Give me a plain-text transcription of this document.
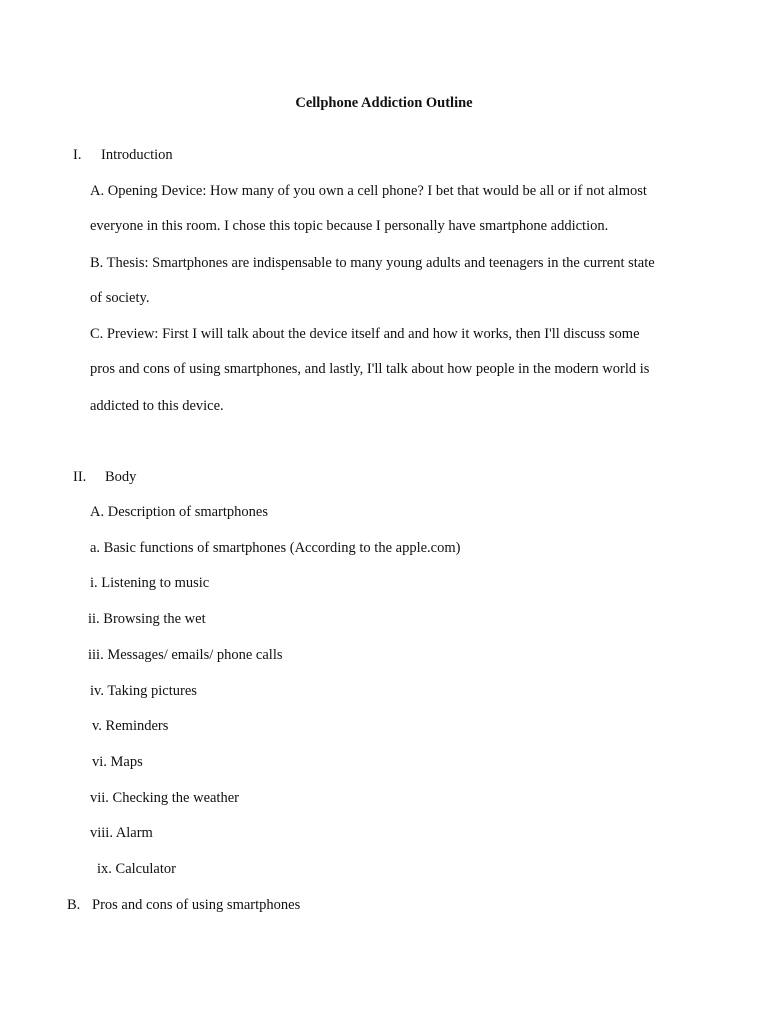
Cellphone Addiction Outline
I. Introduction
A. Opening Device: How many of you own a cell phone? I bet that would be all or if not almost
everyone in this room. I chose this topic because I personally have smartphone addiction.
B. Thesis: Smartphones are indispensable to many young adults and teenagers in the current state
of society.
C. Preview: First I will talk about the device itself and and how it works, then I'll discuss some
pros and cons of using smartphones, and lastly, I'll talk about how people in the modern world is
addicted to this device.
II. Body
A. Description of smartphones
a. Basic functions of smartphones (According to the apple.com)
i. Listening to music
ii. Browsing the wet
iii. Messages/ emails/ phone calls
iv. Taking pictures
v. Reminders
vi. Maps
vii. Checking the weather
viii. Alarm
ix. Calculator
B. Pros and cons of using smartphones
